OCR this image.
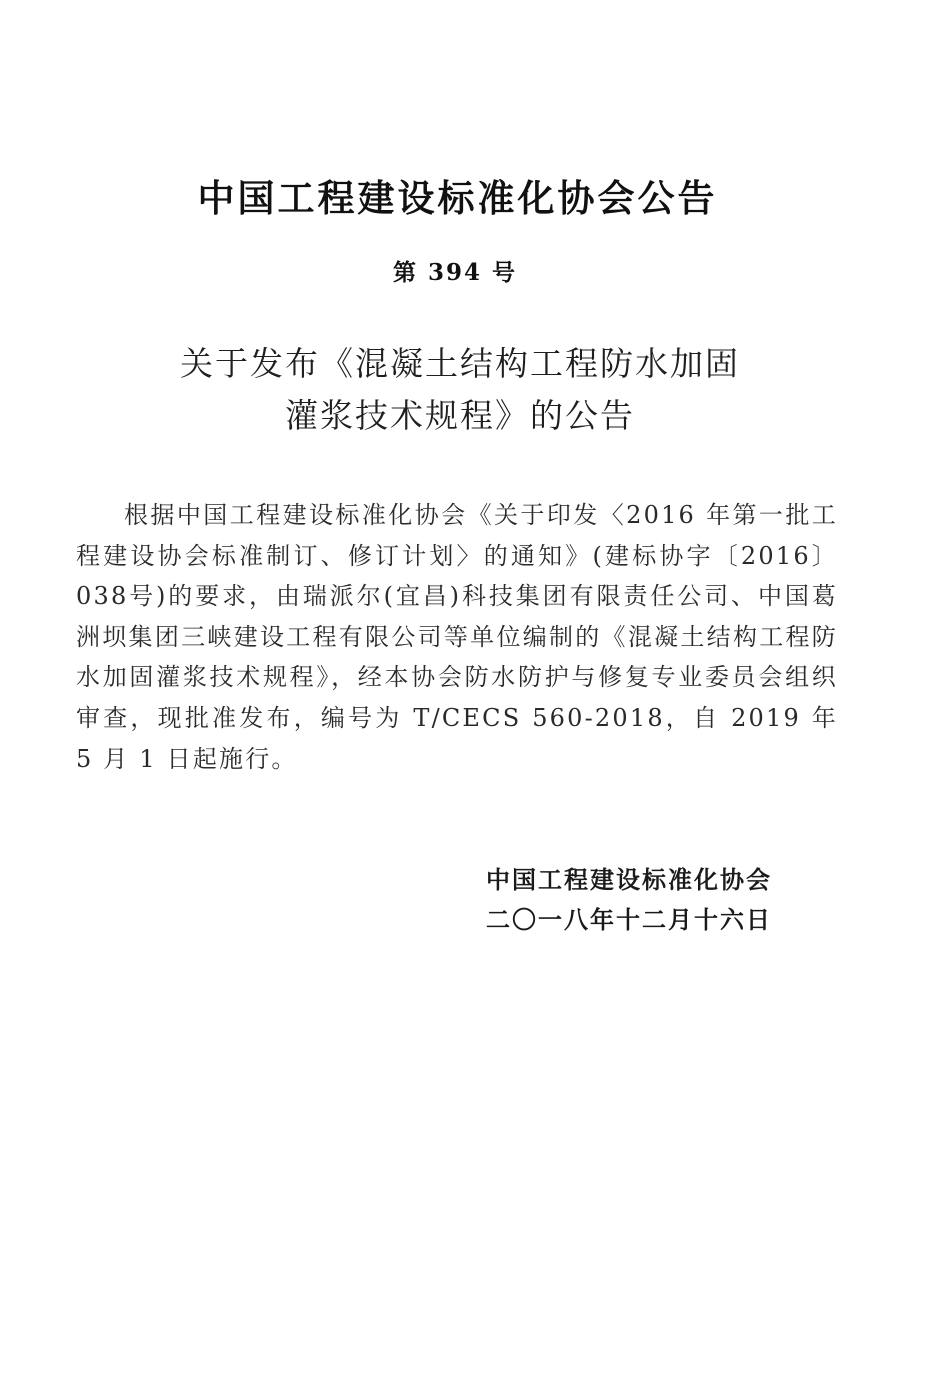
中国工程建设标准化协会公告
第 394 号
关于发布《混凝土结构工程防水加固
灌浆技术规程》的公告
根据中国工程建设标准化协会《关于印发〈2016 年第一批工程建设协会标准制订、修订计划〉的通知》(建标协字〔2016〕038号)的要求，由瑞派尔(宜昌)科技集团有限责任公司、中国葛洲坝集团三峡建设工程有限公司等单位编制的《混凝土结构工程防水加固灌浆技术规程》，经本协会防水防护与修复专业委员会组织审查，现批准发布，编号为 T/CECS 560-2018，自 2019 年 5 月 1 日起施行。
中国工程建设标准化协会
二〇一八年十二月十六日
